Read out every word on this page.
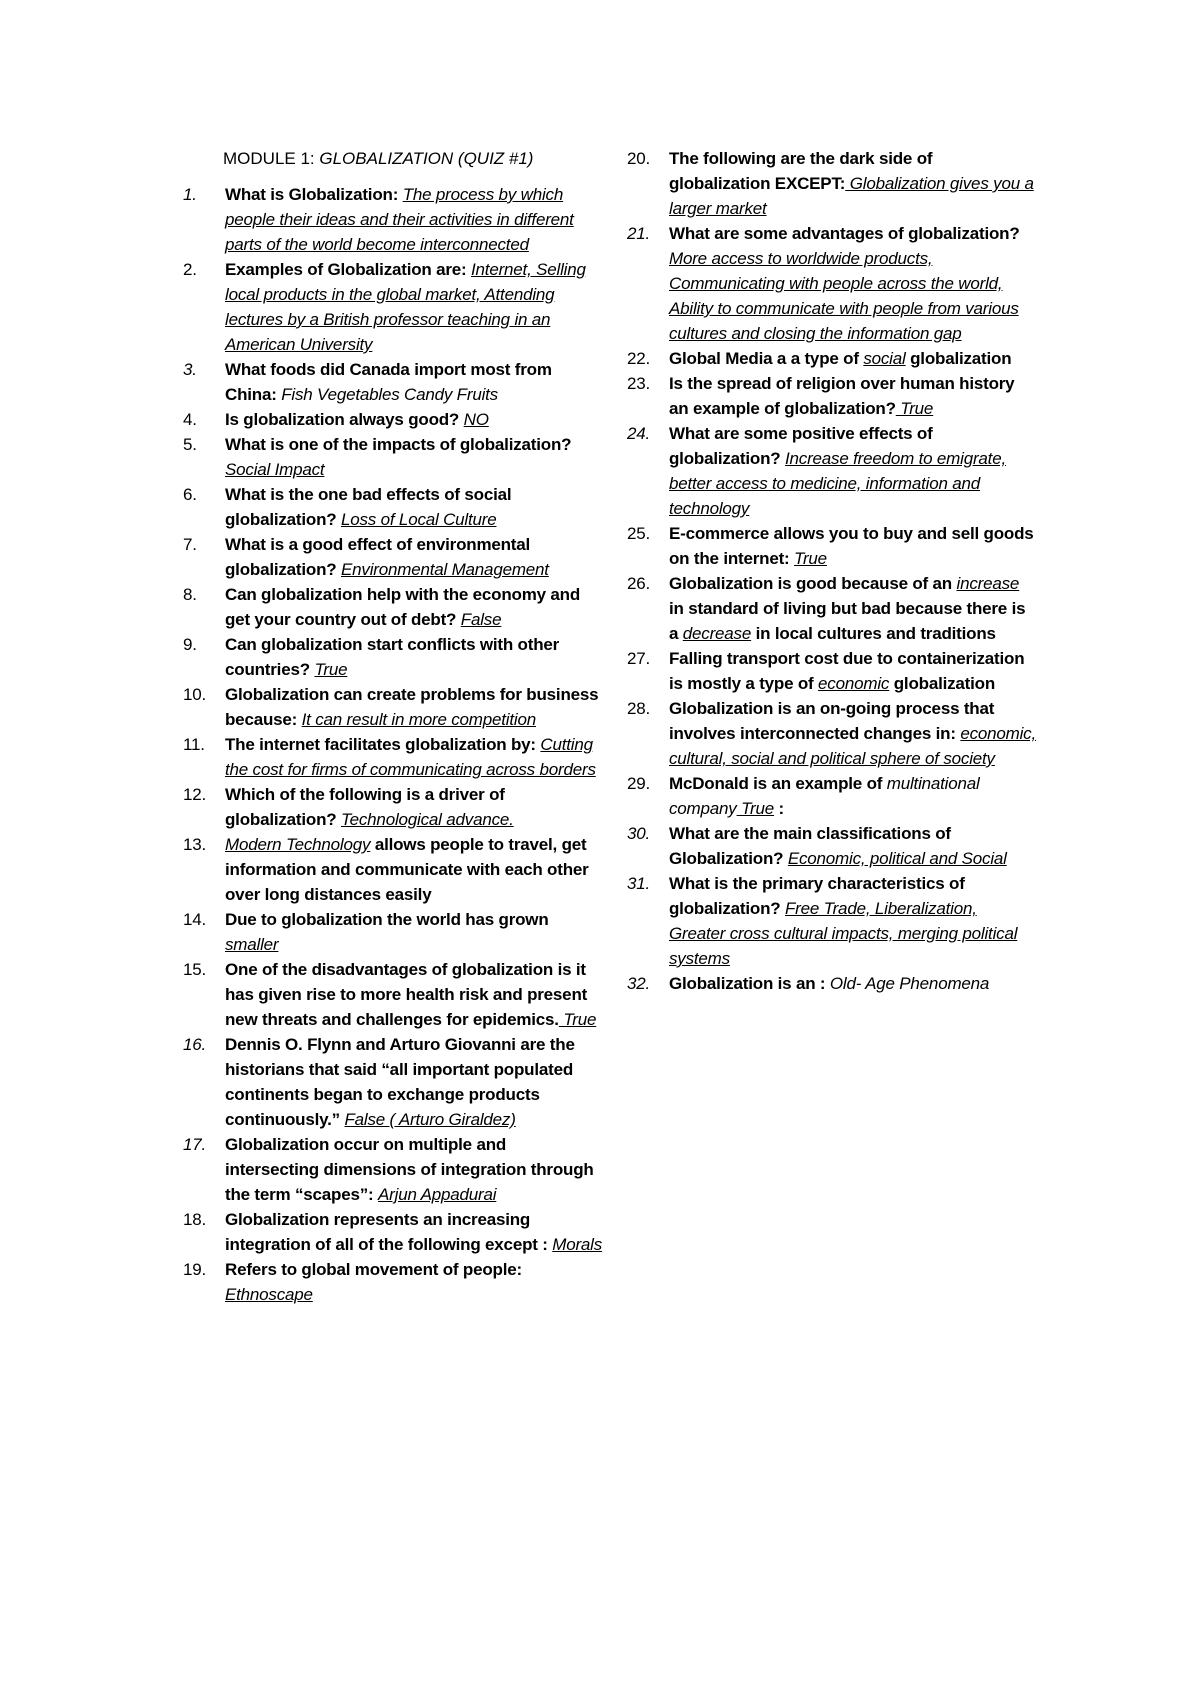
MODULE 1: GLOBALIZATION (QUIZ #1)
1.	What is Globalization: The process by which people their ideas and their activities in different parts of the world become interconnected
2.	Examples of Globalization are: Internet, Selling local products in the global market, Attending lectures by a British professor teaching in an American University
3.	What foods did Canada import most from China: Fish Vegetables Candy Fruits
4.	Is globalization always good? NO
5.	What is one of the impacts of globalization? Social Impact
6.	What is the one bad effects of social globalization? Loss of Local Culture
7.	What is a good effect of environmental globalization? Environmental Management
8.	Can globalization help with the economy and get your country out of debt? False
9.	Can globalization start conflicts with other countries? True
10.	Globalization can create problems for business because: It can result in more competition
11.	The internet facilitates globalization by: Cutting the cost for firms of communicating across borders
12.	Which of the following is a driver of globalization? Technological advance.
13.	Modern Technology allows people to travel, get information and communicate with each other over long distances easily
14.	Due to globalization the world has grown smaller
15.	One of the disadvantages of globalization is it has given rise to more health risk and present new threats and challenges for epidemics. True
16.	Dennis O. Flynn and Arturo Giovanni are the historians that said “all important populated continents began to exchange products continuously.” False ( Arturo Giraldez)
17.	Globalization occur on multiple and intersecting dimensions of integration through the term “scapes”: Arjun Appadurai
18.	Globalization represents an increasing integration of all of the following except : Morals
19.	Refers to global movement of people: Ethnoscape
20.	The following are the dark side of globalization EXCEPT: Globalization gives you a larger market
21.	What are some advantages of globalization? More access to worldwide products, Communicating with people across the world, Ability to communicate with people from various cultures and closing the information gap
22.	Global Media a a type of social globalization
23.	Is the spread of religion over human history an example of globalization? True
24.	What are some positive effects of globalization? Increase freedom to emigrate, better access to medicine, information and technology
25.	E-commerce allows you to buy and sell goods on the internet: True
26.	Globalization is good because of an increase in standard of living but bad because there is a decrease in local cultures and traditions
27.	Falling transport cost due to containerization is mostly a type of economic globalization
28.	Globalization is an on-going process that involves interconnected changes in: economic, cultural, social and political sphere of society
29.	McDonald is an example of multinational company True :
30.	What are the main classifications of Globalization? Economic, political and Social
31.	What is the primary characteristics of globalization? Free Trade, Liberalization, Greater cross cultural impacts, merging political systems
32.	Globalization is an : Old- Age Phenomena
